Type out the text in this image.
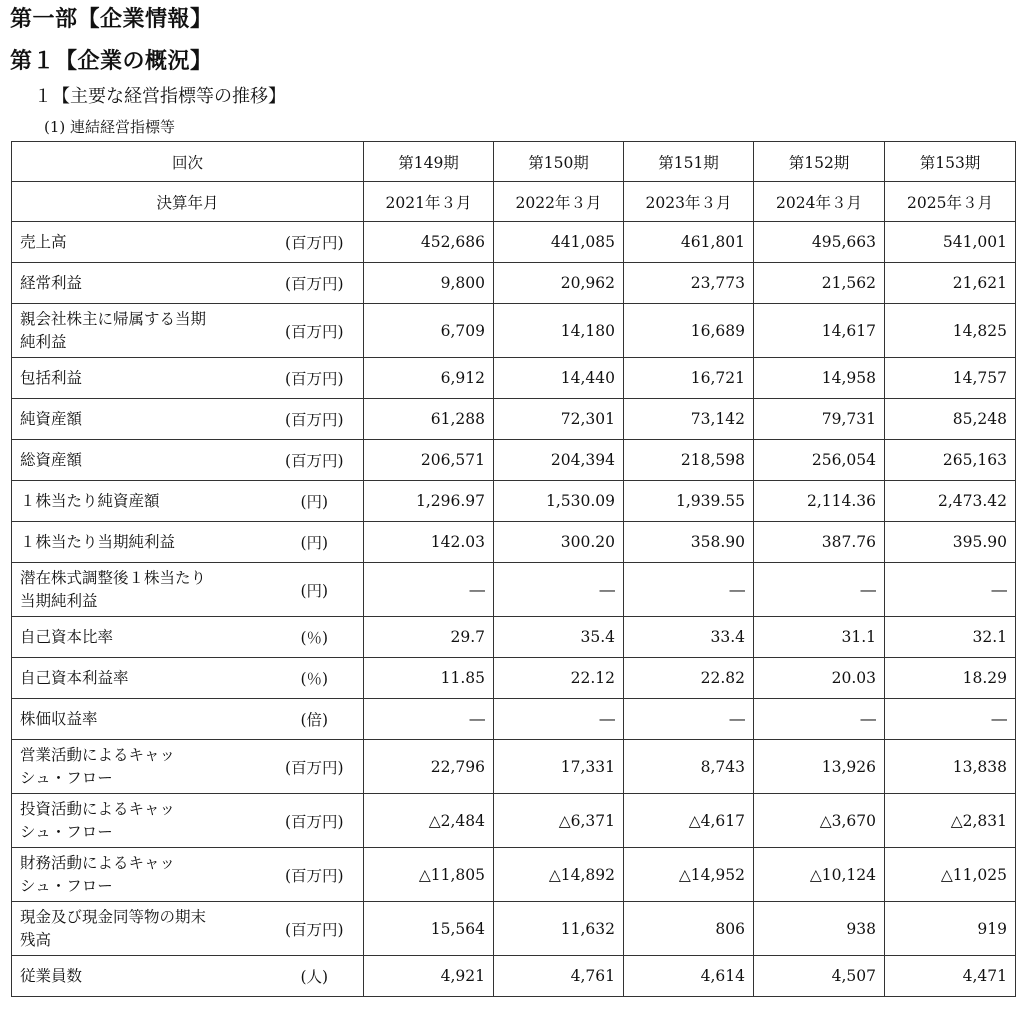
第一部【企業情報】
第１【企業の概況】
１【主要な経営指標等の推移】
(1) 連結経営指標等
回次		第149期	第150期	第151期	第152期	第153期
決算年月		2021年３月	2022年３月	2023年３月	2024年３月	2025年３月

売上高	(百万円)	452,686	441,085	461,801	495,663	541,001

経常利益	(百万円)	9,800	20,962	23,773	21,562	21,621

親会社株主に帰属する当期
純利益	(百万円)	6,709	14,180	16,689	14,617	14,825

包括利益	(百万円)	6,912	14,440	16,721	14,958	14,757

純資産額	(百万円)	61,288	72,301	73,142	79,731	85,248

総資産額	(百万円)	206,571	204,394	218,598	256,054	265,163

１株当たり純資産額	(円)	1,296.97	1,530.09	1,939.55	2,114.36	2,473.42

１株当たり当期純利益	(円)	142.03	300.20	358.90	387.76	395.90

潜在株式調整後１株当たり
当期純利益	(円)	―	―	―	―	―

自己資本比率	(％)	29.7	35.4	33.4	31.1	32.1

自己資本利益率	(％)	11.85	22.12	22.82	20.03	18.29

株価収益率	(倍)	―	―	―	―	―

営業活動によるキャッ
シュ・フロー	(百万円)	22,796	17,331	8,743	13,926	13,838

投資活動によるキャッ
シュ・フロー	(百万円)	△2,484	△6,371	△4,617	△3,670	△2,831

財務活動によるキャッ
シュ・フロー	(百万円)	△11,805	△14,892	△14,952	△10,124	△11,025

現金及び現金同等物の期末
残高	(百万円)	15,564	11,632	806	938	919

従業員数	(人)	4,921	4,761	4,614	4,507	4,471
